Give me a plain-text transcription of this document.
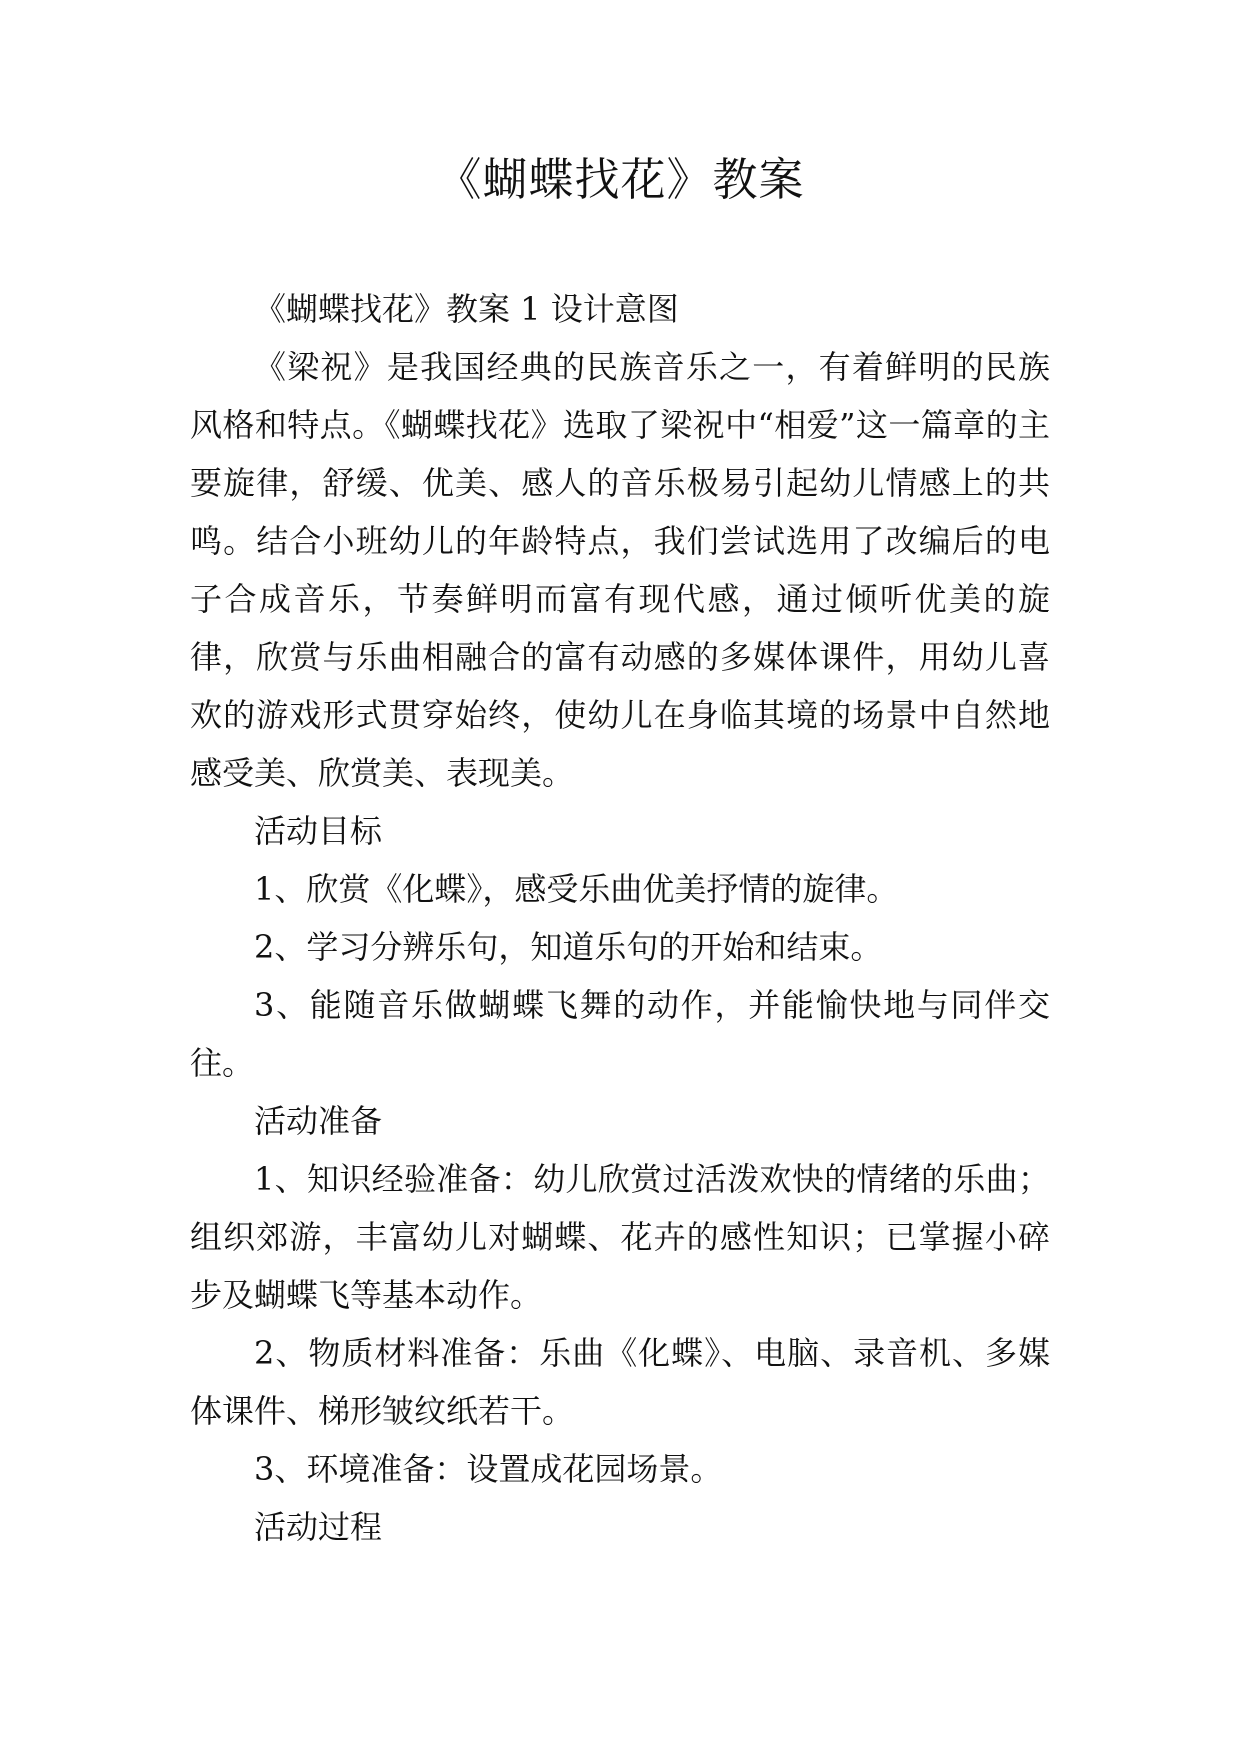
《蝴蝶找花》教案

《蝴蝶找花》教案 1 设计意图

《梁祝》是我国经典的民族音乐之一，有着鲜明的民族风格和特点。《蝴蝶找花》选取了梁祝中“相爱”这一篇章的主要旋律，舒缓、优美、感人的音乐极易引起幼儿情感上的共鸣。结合小班幼儿的年龄特点，我们尝试选用了改编后的电子合成音乐，节奏鲜明而富有现代感，通过倾听优美的旋律，欣赏与乐曲相融合的富有动感的多媒体课件，用幼儿喜欢的游戏形式贯穿始终，使幼儿在身临其境的场景中自然地感受美、欣赏美、表现美。

活动目标

1、欣赏《化蝶》，感受乐曲优美抒情的旋律。

2、学习分辨乐句，知道乐句的开始和结束。

3、能随音乐做蝴蝶飞舞的动作，并能愉快地与同伴交往。

活动准备

1、知识经验准备：幼儿欣赏过活泼欢快的情绪的乐曲；组织郊游，丰富幼儿对蝴蝶、花卉的感性知识；已掌握小碎步及蝴蝶飞等基本动作。

2、物质材料准备：乐曲《化蝶》、电脑、录音机、多媒体课件、梯形皱纹纸若干。

3、环境准备：设置成花园场景。

活动过程
